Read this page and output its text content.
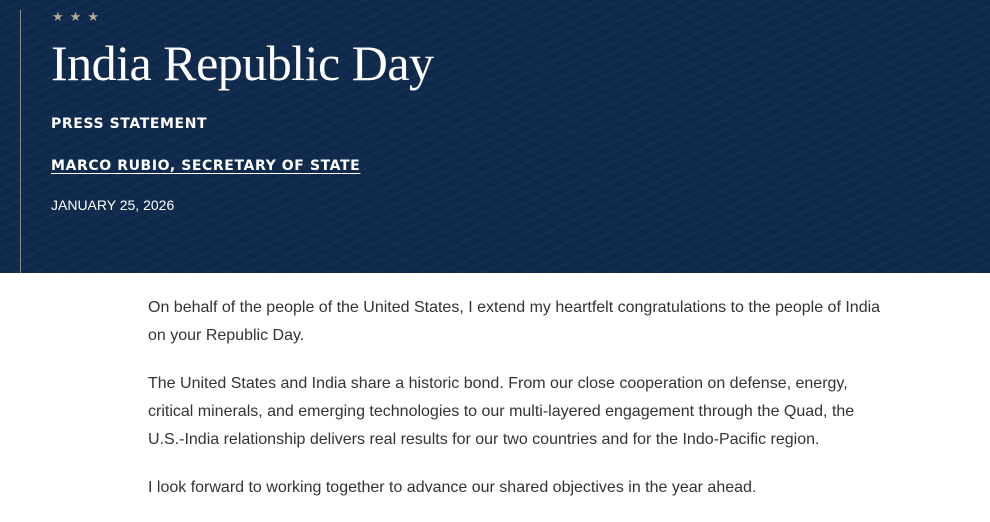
★ ★ ★
India Republic Day
PRESS STATEMENT
MARCO RUBIO, SECRETARY OF STATE
JANUARY 25, 2026

On behalf of the people of the United States, I extend my heartfelt congratulations to the people of India on your Republic Day.

The United States and India share a historic bond. From our close cooperation on defense, energy, critical minerals, and emerging technologies to our multi-layered engagement through the Quad, the U.S.-India relationship delivers real results for our two countries and for the Indo-Pacific region.

I look forward to working together to advance our shared objectives in the year ahead.
